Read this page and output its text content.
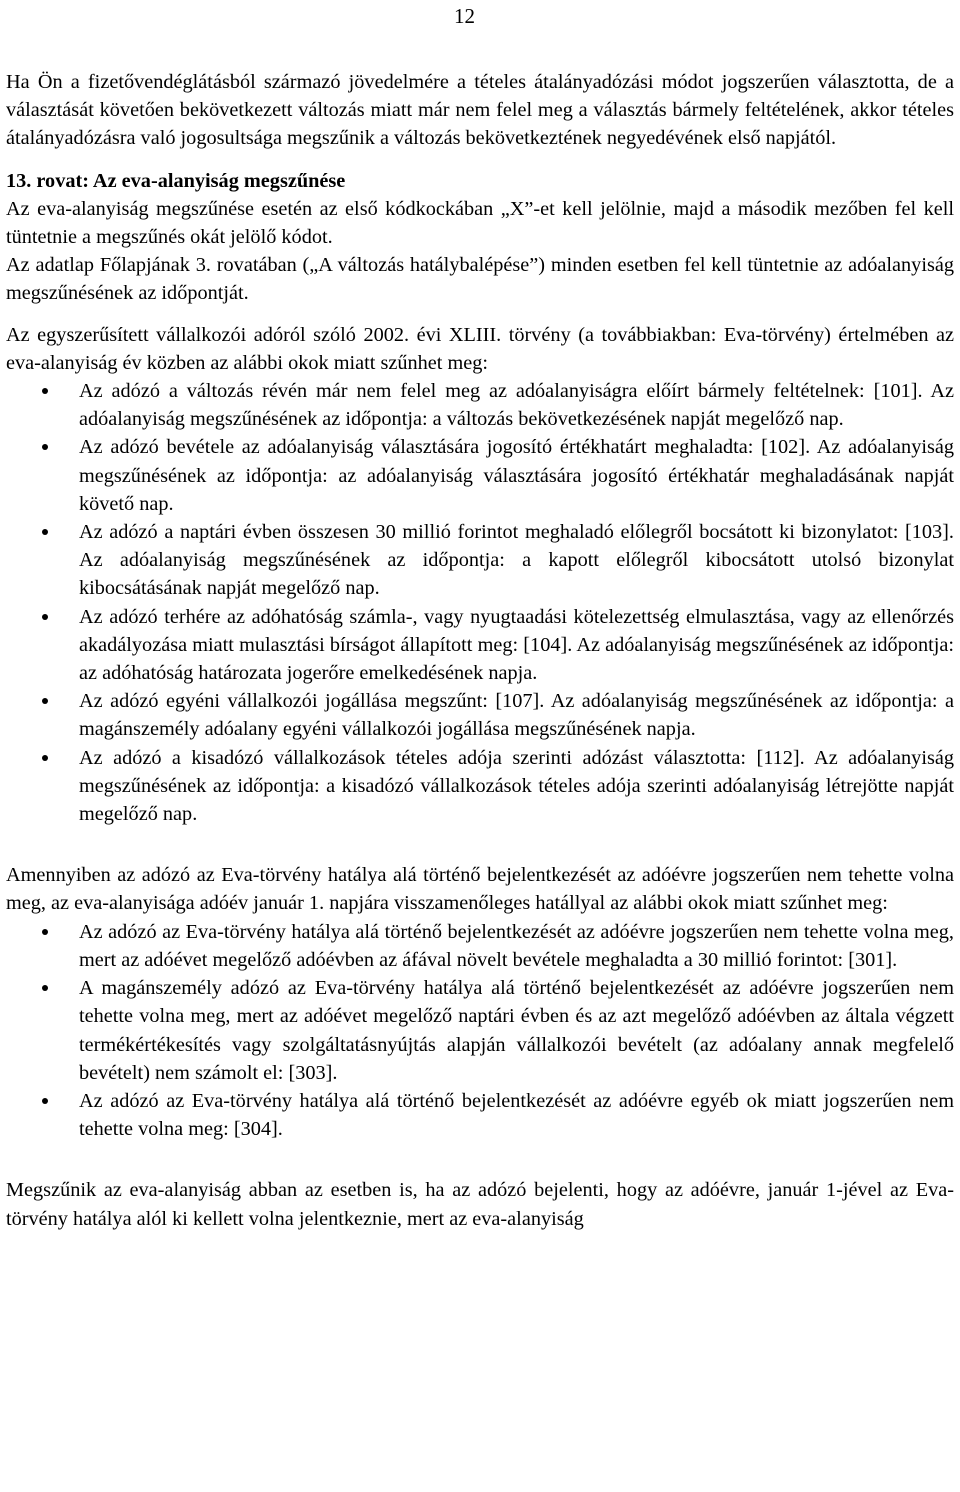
12

Ha Ön a fizetővendéglátásból származó jövedelmére a tételes átalányadózási módot jogszerűen választotta, de a választását követően bekövetkezett változás miatt már nem felel meg a választás bármely feltételének, akkor tételes átalányadózásra való jogosultsága megszűnik a változás bekövetkeztének negyedévének első napjától.

13. rovat: Az eva-alanyiság megszűnése

Az eva-alanyiság megszűnése esetén az első kódkockában „X”-et kell jelölnie, majd a második mezőben fel kell tüntetnie a megszűnés okát jelölő kódot.

Az adatlap Főlapjának 3. rovatában („A változás hatálybalépése”) minden esetben fel kell tüntetnie az adóalanyiság megszűnésének az időpontját.

Az egyszerűsített vállalkozói adóról szóló 2002. évi XLIII. törvény (a továbbiakban: Eva-törvény) értelmében az eva-alanyiság év közben az alábbi okok miatt szűnhet meg:

Az adózó a változás révén már nem felel meg az adóalanyiságra előírt bármely feltételnek: [101]. Az adóalanyiság megszűnésének az időpontja: a változás bekövetkezésének napját megelőző nap.
Az adózó bevétele az adóalanyiság választására jogosító értékhatárt meghaladta: [102]. Az adóalanyiság megszűnésének az időpontja: az adóalanyiság választására jogosító értékhatár meghaladásának napját követő nap.
Az adózó a naptári évben összesen 30 millió forintot meghaladó előlegről bocsátott ki bizonylatot: [103]. Az adóalanyiság megszűnésének az időpontja: a kapott előlegről kibocsátott utolsó bizonylat kibocsátásának napját megelőző nap.
Az adózó terhére az adóhatóság számla-, vagy nyugtaadási kötelezettség elmulasztása, vagy az ellenőrzés akadályozása miatt mulasztási bírságot állapított meg: [104]. Az adóalanyiság megszűnésének az időpontja: az adóhatóság határozata jogerőre emelkedésének napja.
Az adózó egyéni vállalkozói jogállása megszűnt: [107]. Az adóalanyiság megszűnésének az időpontja: a magánszemély adóalany egyéni vállalkozói jogállása megszűnésének napja.
Az adózó a kisadózó vállalkozások tételes adója szerinti adózást választotta: [112]. Az adóalanyiság megszűnésének az időpontja: a kisadózó vállalkozások tételes adója szerinti adóalanyiság létrejötte napját megelőző nap.

Amennyiben az adózó az Eva-törvény hatálya alá történő bejelentkezését az adóévre jogszerűen nem tehette volna meg, az eva-alanyisága adóév január 1. napjára visszamenőleges hatállyal az alábbi okok miatt szűnhet meg:

Az adózó az Eva-törvény hatálya alá történő bejelentkezését az adóévre jogszerűen nem tehette volna meg, mert az adóévet megelőző adóévben az áfával növelt bevétele meghaladta a 30 millió forintot: [301].
A magánszemély adózó az Eva-törvény hatálya alá történő bejelentkezését az adóévre jogszerűen nem tehette volna meg, mert az adóévet megelőző naptári évben és az azt megelőző adóévben az általa végzett termékértékesítés vagy szolgáltatásnyújtás alapján vállalkozói bevételt (az adóalany annak megfelelő bevételt) nem számolt el: [303].
Az adózó az Eva-törvény hatálya alá történő bejelentkezését az adóévre egyéb ok miatt jogszerűen nem tehette volna meg: [304].

Megszűnik az eva-alanyiság abban az esetben is, ha az adózó bejelenti, hogy az adóévre, január 1-jével az Eva-törvény hatálya alól ki kellett volna jelentkeznie, mert az eva-alanyiság
